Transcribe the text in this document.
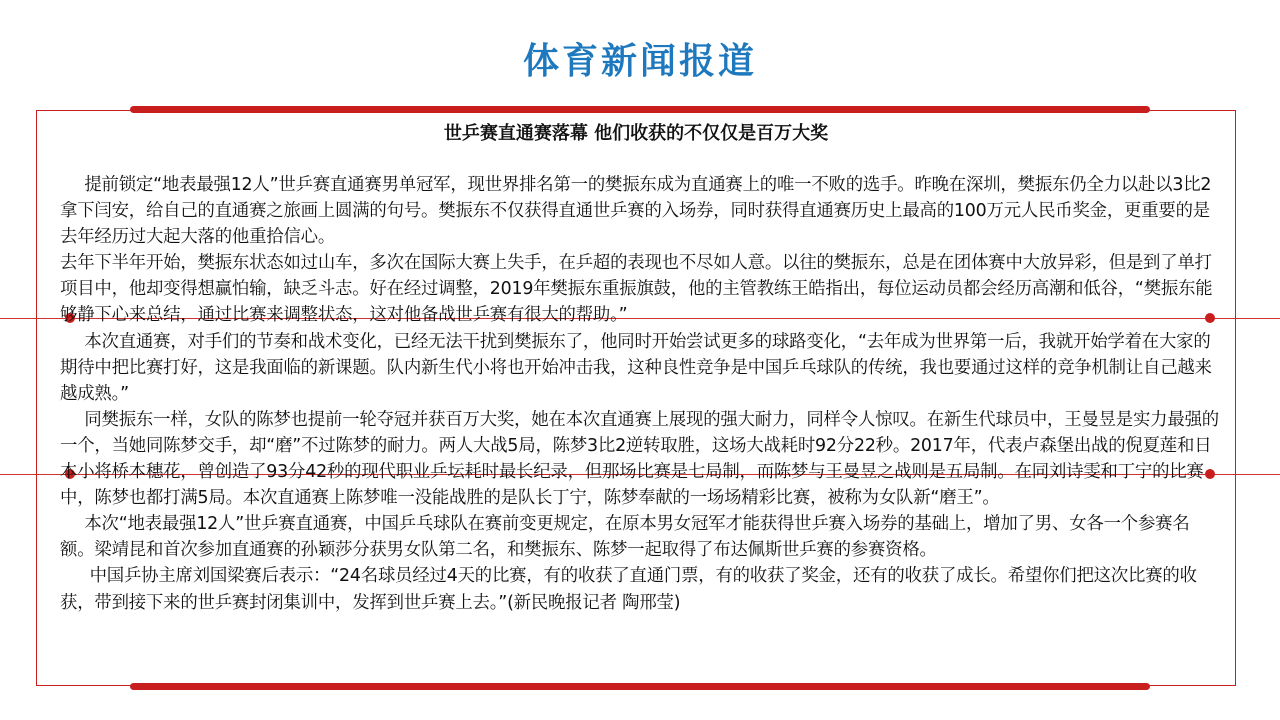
体育新闻报道
世乒赛直通赛落幕 他们收获的不仅仅是百万大奖

提前锁定“地表最强12人”世乒赛直通赛男单冠军，现世界排名第一的樊振东成为直通赛上的唯一不败的选手。昨晚在深圳，樊振东仍全力以赴以3比2拿下闫安，给自己的直通赛之旅画上圆满的句号。樊振东不仅获得直通世乒赛的入场券，同时获得直通赛历史上最高的100万元人民币奖金，更重要的是去年经历过大起大落的他重拾信心。

去年下半年开始，樊振东状态如过山车，多次在国际大赛上失手，在乒超的表现也不尽如人意。以往的樊振东，总是在团体赛中大放异彩，但是到了单打项目中，他却变得想赢怕输，缺乏斗志。好在经过调整，2019年樊振东重振旗鼓，他的主管教练王皓指出，每位运动员都会经历高潮和低谷，“樊振东能够静下心来总结，通过比赛来调整状态，这对他备战世乒赛有很大的帮助。”

本次直通赛，对手们的节奏和战术变化，已经无法干扰到樊振东了，他同时开始尝试更多的球路变化，“去年成为世界第一后，我就开始学着在大家的期待中把比赛打好，这是我面临的新课题。队内新生代小将也开始冲击我，这种良性竞争是中国乒乓球队的传统，我也要通过这样的竞争机制让自己越来越成熟。”

同樊振东一样，女队的陈梦也提前一轮夺冠并获百万大奖，她在本次直通赛上展现的强大耐力，同样令人惊叹。在新生代球员中，王曼昱是实力最强的一个，当她同陈梦交手，却“磨”不过陈梦的耐力。两人大战5局，陈梦3比2逆转取胜，这场大战耗时92分22秒。2017年，代表卢森堡出战的倪夏莲和日本小将桥本穗花，曾创造了93分42秒的现代职业乒坛耗时最长纪录，但那场比赛是七局制，而陈梦与王曼昱之战则是五局制。在同刘诗雯和丁宁的比赛中，陈梦也都打满5局。本次直通赛上陈梦唯一没能战胜的是队长丁宁，陈梦奉献的一场场精彩比赛，被称为女队新“磨王”。

本次“地表最强12人”世乒赛直通赛，中国乒乓球队在赛前变更规定，在原本男女冠军才能获得世乒赛入场券的基础上，增加了男、女各一个参赛名额。梁靖昆和首次参加直通赛的孙颖莎分获男女队第二名，和樊振东、陈梦一起取得了布达佩斯世乒赛的参赛资格。

中国乒协主席刘国梁赛后表示：“24名球员经过4天的比赛，有的收获了直通门票，有的收获了奖金，还有的收获了成长。希望你们把这次比赛的收获，带到接下来的世乒赛封闭集训中，发挥到世乒赛上去。”(新民晚报记者 陶邢莹)
